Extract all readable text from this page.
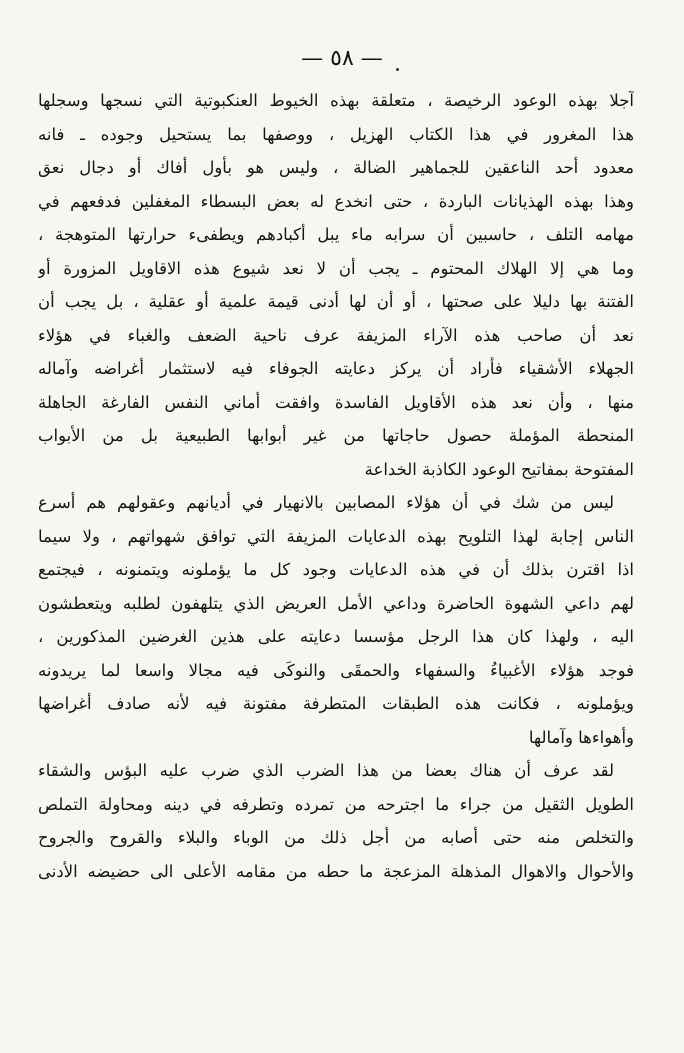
— ٥٨ —
آجلا بهذه الوعود الرخيصة ، متعلقة بهذه الخيوط العنكبوتية التي نسجها وسجلها
هذا المغرور في هذا الكتاب الهزيل ، ووصفها بما يستحيل وجوده ـ فانه
معدود أحد الناعقين للجماهير الضالة ، وليس هو بأول أفاك أو دجال نعق
وهذا بهذه الهذيانات الباردة ، حتى انخدع له بعض البسطاء المغفلين فدفعهم في
مهامه التلف ، حاسبين أن سرابه ماء يبل أكبادهم ويطفىء حرارتها المتوهجة ،
وما هي إلا الهلاك المحتوم ـ يجب أن لا نعد شيوع هذه الاقاويل المزورة أو
الفتنة بها دليلا على صحتها ، أو أن لها أدنى قيمة علمية أو عقلية ، بل يجب أن
نعد أن صاحب هذه الآراء المزيفة عرف ناحية الضعف والغباء في هؤلاء
الجهلاء الأشقياء فأراد أن يركز دعايته الجوفاء فيه لاستثمار أغراضه وآماله
منها ، وأن نعد هذه الأقاويل الفاسدة وافقت أماني النفس الفارغة الجاهلة
المنحطة المؤملة حصول حاجاتها من غير أبوابها الطبيعية بل من الأبواب
المفتوحة بمفاتيح الوعود الكاذبة الخداعة
ليس من شك في أن هؤلاء المصابين بالانهيار في أديانهم وعقولهم هم أسرع
الناس إجابة لهذا التلويح بهذه الدعايات المزيفة التي توافق شهواتهم ، ولا سيما
اذا اقترن بذلك أن في هذه الدعايات وجود كل ما يؤملونه ويتمنونه ، فيجتمع
لهم داعي الشهوة الحاضرة وداعي الأمل العريض الذي يتلهفون لطلبه ويتعطشون
اليه ، ولهذا كان هذا الرجل مؤسسا دعايته على هذين الغرضين المذكورين ،
فوجد هؤلاء الأغبياءُ والسفهاء والحمقَى والنوكَى فيه مجالا واسعا لما يريدونه
ويؤملونه ، فكانت هذه الطبقات المتطرفة مفتونة فيه لأنه صادف أغراضها
وأهواءها وآمالها
لقد عرف أن هناك بعضا من هذا الضرب الذي ضرب عليه البؤس والشقاء
الطويل الثقيل من جراء ما اجترحه من تمرده وتطرفه في دينه ومحاولة التملص
والتخلص منه حتى أصابه من أجل ذلك من الوباء والبلاء والقروح والجروح
والأحوال والاهوال المذهلة المزعجة ما حطه من مقامه الأعلى الى حضيضه الأدنى
